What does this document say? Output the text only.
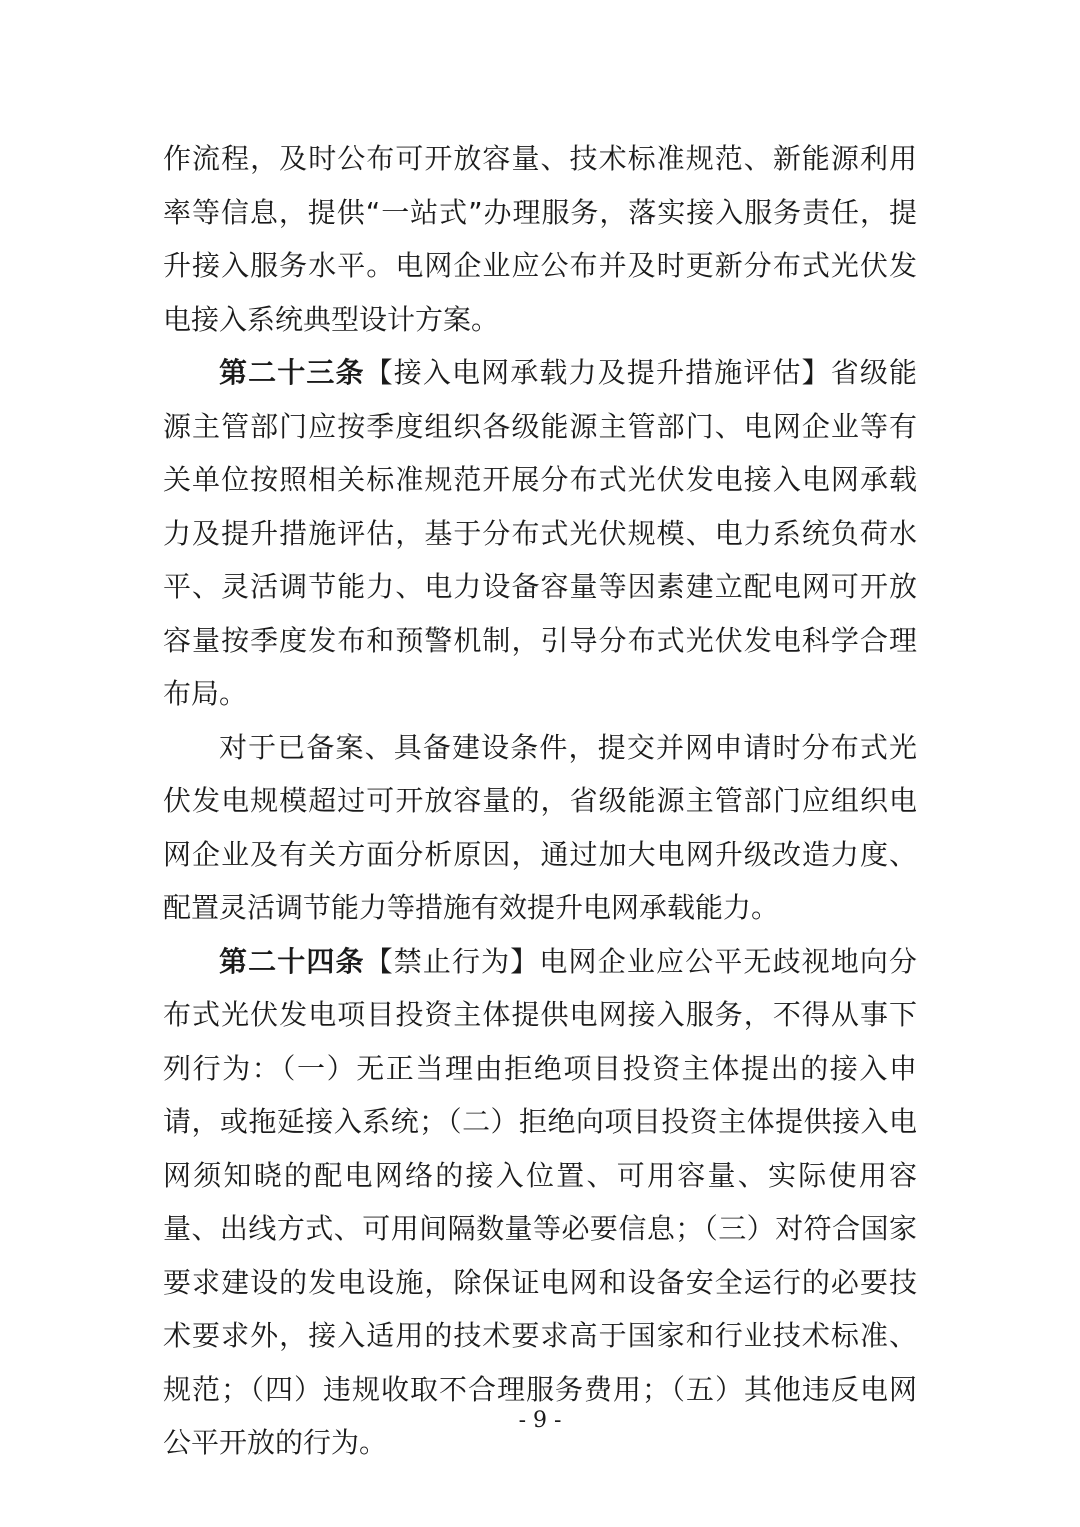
作流程，及时公布可开放容量、技术标准规范、新能源利用率等信息，提供“一站式”办理服务，落实接入服务责任，提升接入服务水平。电网企业应公布并及时更新分布式光伏发电接入系统典型设计方案。

第二十三条【接入电网承载力及提升措施评估】省级能源主管部门应按季度组织各级能源主管部门、电网企业等有关单位按照相关标准规范开展分布式光伏发电接入电网承载力及提升措施评估，基于分布式光伏规模、电力系统负荷水平、灵活调节能力、电力设备容量等因素建立配电网可开放容量按季度发布和预警机制，引导分布式光伏发电科学合理布局。

对于已备案、具备建设条件，提交并网申请时分布式光伏发电规模超过可开放容量的，省级能源主管部门应组织电网企业及有关方面分析原因，通过加大电网升级改造力度、配置灵活调节能力等措施有效提升电网承载能力。

第二十四条【禁止行为】电网企业应公平无歧视地向分布式光伏发电项目投资主体提供电网接入服务，不得从事下列行为：（一）无正当理由拒绝项目投资主体提出的接入申请，或拖延接入系统；（二）拒绝向项目投资主体提供接入电网须知晓的配电网络的接入位置、可用容量、实际使用容量、出线方式、可用间隔数量等必要信息；（三）对符合国家要求建设的发电设施，除保证电网和设备安全运行的必要技术要求外，接入适用的技术要求高于国家和行业技术标准、规范；（四）违规收取不合理服务费用；（五）其他违反电网公平开放的行为。

- 9 -
